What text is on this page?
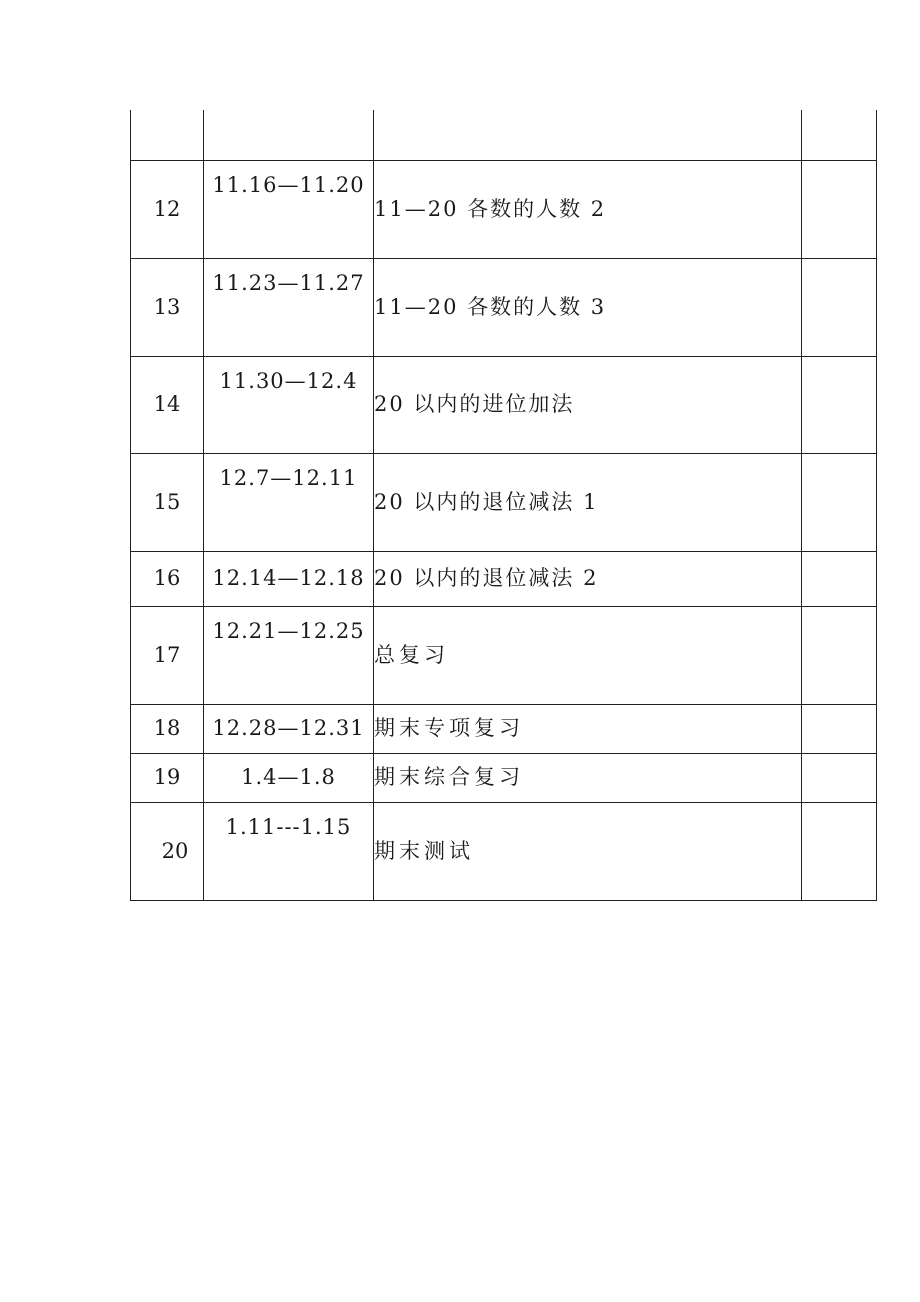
12	11.16—11.20	11—20 各数的人数 2	
13	11.23—11.27	11—20 各数的人数 3	
14	11.30—12.4	20 以内的进位加法	
15	12.7—12.11	20 以内的退位减法 1	
16	12.14—12.18	20 以内的退位减法 2	
17	12.21—12.25	总复习	
18	12.28—12.31	期末专项复习	
19	1.4—1.8	期末综合复习	
20	1.11---1.15	期末测试	
